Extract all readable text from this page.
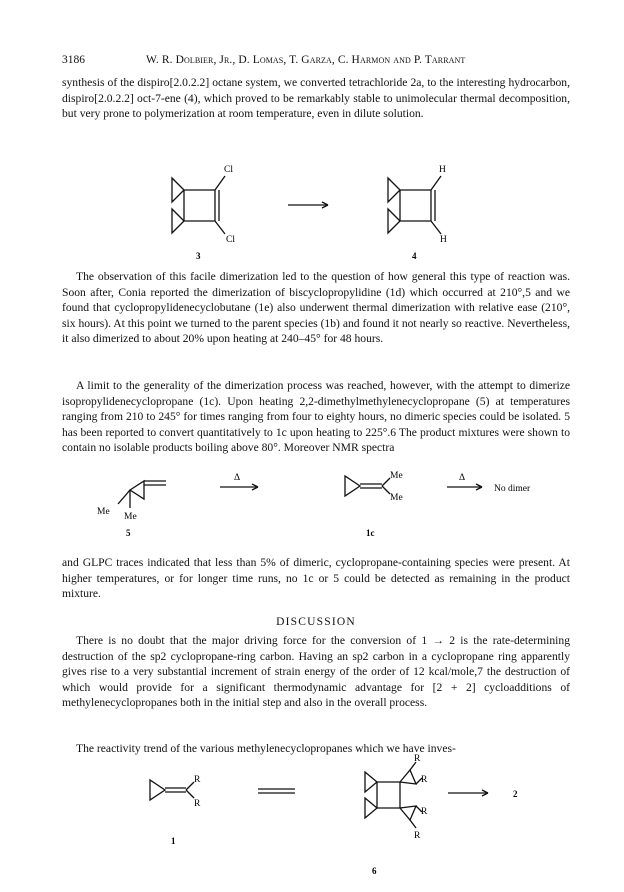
3186	W. R. Dolbier, Jr., D. Lomas, T. Garza, C. Harmon and P. Tarrant

synthesis of the dispiro[2.0.2.2] octane system, we converted tetrachloride 2a, to the interesting hydrocarbon, dispiro[2.0.2.2] oct-7-ene (4), which proved to be remarkably stable to unimolecular thermal decomposition, but very prone to polymerization at room temperature, even in dilute solution.

Cl
Cl
3
H
H
4

The observation of this facile dimerization led to the question of how general this type of reaction was. Soon after, Conia reported the dimerization of biscyclopropylidine (1d) which occurred at 210°,5 and we found that cyclopropylidenecyclobutane (1e) also underwent thermal dimerization with relative ease (210°, six hours). At this point we turned to the parent species (1b) and found it not nearly so reactive. Nevertheless, it also dimerized to about 20% upon heating at 240–45° for 48 hours.

A limit to the generality of the dimerization process was reached, however, with the attempt to dimerize isopropylidenecyclopropane (1c). Upon heating 2,2-dimethylmethylenecyclopropane (5) at temperatures ranging from 210 to 245° for times ranging from four to eighty hours, no dimeric species could be isolated. 5 has been reported to convert quantitatively to 1c upon heating to 225°.6 The product mixtures were shown to contain no isolable products boiling above 80°. Moreover NMR spectra

Me Me
5
Δ	Me
Me
1c
Δ
No dimer

and GLPC traces indicated that less than 5% of dimeric, cyclopropane-containing species were present. At higher temperatures, or for longer time runs, no 1c or 5 could be detected as remaining in the product mixture.

DISCUSSION

There is no doubt that the major driving force for the conversion of 1 → 2 is the rate-determining destruction of the sp2 cyclopropane-ring carbon. Having an sp2 carbon in a cyclopropane ring apparently gives rise to a very substantial increment of strain energy of the order of 12 kcal/mole,7 the destruction of which would provide for a significant thermodynamic advantage for [2 + 2] cycloadditions of methylenecyclopropanes both in the initial step and also in the overall process.

The reactivity trend of the various methylenecyclopropanes which we have inves-

R
R
1
R
R
R
R
6
2
